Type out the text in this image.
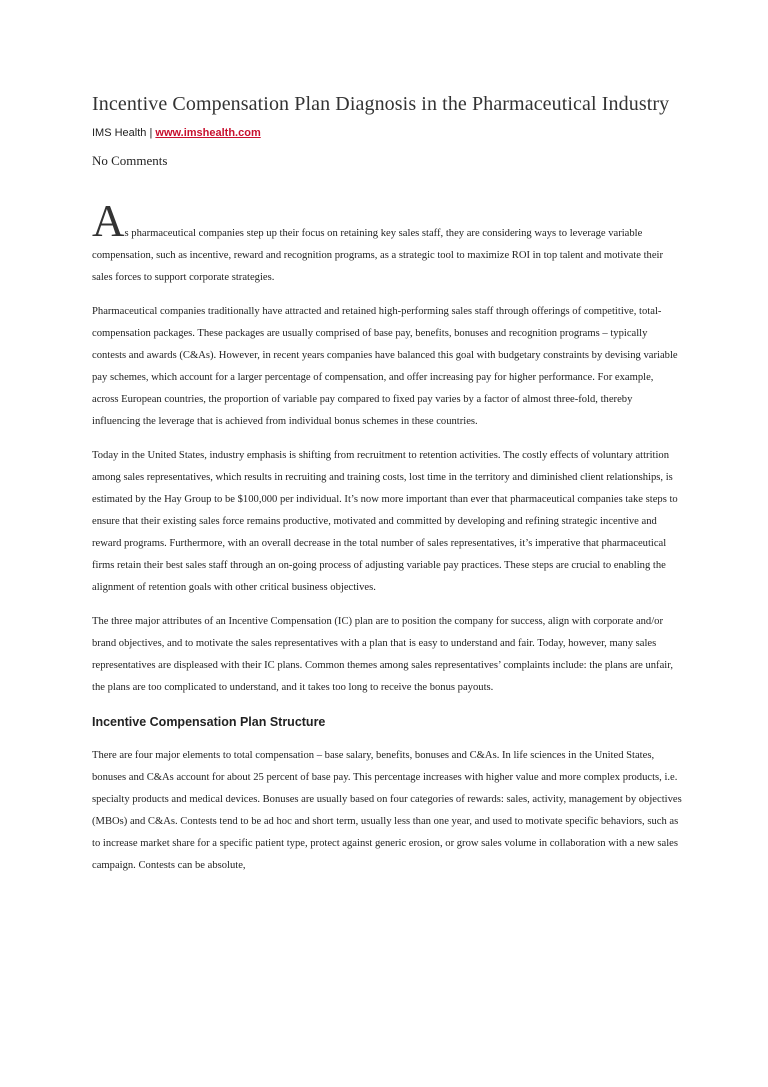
Incentive Compensation Plan Diagnosis in the Pharmaceutical Industry
IMS Health | www.imshealth.com
No Comments

As pharmaceutical companies step up their focus on retaining key sales staff, they are considering ways to leverage variable compensation, such as incentive, reward and recognition programs, as a strategic tool to maximize ROI in top talent and motivate their sales forces to support corporate strategies.

Pharmaceutical companies traditionally have attracted and retained high-performing sales staff through offerings of competitive, total-compensation packages. These packages are usually comprised of base pay, benefits, bonuses and recognition programs – typically contests and awards (C&As). However, in recent years companies have balanced this goal with budgetary constraints by devising variable pay schemes, which account for a larger percentage of compensation, and offer increasing pay for higher performance. For example, across European countries, the proportion of variable pay compared to fixed pay varies by a factor of almost three-fold, thereby influencing the leverage that is achieved from individual bonus schemes in these countries.

Today in the United States, industry emphasis is shifting from recruitment to retention activities. The costly effects of voluntary attrition among sales representatives, which results in recruiting and training costs, lost time in the territory and diminished client relationships, is estimated by the Hay Group to be $100,000 per individual. It’s now more important than ever that pharmaceutical companies take steps to ensure that their existing sales force remains productive, motivated and committed by developing and refining strategic incentive and reward programs. Furthermore, with an overall decrease in the total number of sales representatives, it’s imperative that pharmaceutical firms retain their best sales staff through an on-going process of adjusting variable pay practices. These steps are crucial to enabling the alignment of retention goals with other critical business objectives.

The three major attributes of an Incentive Compensation (IC) plan are to position the company for success, align with corporate and/or brand objectives, and to motivate the sales representatives with a plan that is easy to understand and fair. Today, however, many sales representatives are displeased with their IC plans. Common themes among sales representatives’ complaints include: the plans are unfair, the plans are too complicated to understand, and it takes too long to receive the bonus payouts.

Incentive Compensation Plan Structure

There are four major elements to total compensation – base salary, benefits, bonuses and C&As. In life sciences in the United States, bonuses and C&As account for about 25 percent of base pay. This percentage increases with higher value and more complex products, i.e. specialty products and medical devices. Bonuses are usually based on four categories of rewards: sales, activity, management by objectives (MBOs) and C&As. Contests tend to be ad hoc and short term, usually less than one year, and used to motivate specific behaviors, such as to increase market share for a specific patient type, protect against generic erosion, or grow sales volume in collaboration with a new sales campaign. Contests can be absolute,
